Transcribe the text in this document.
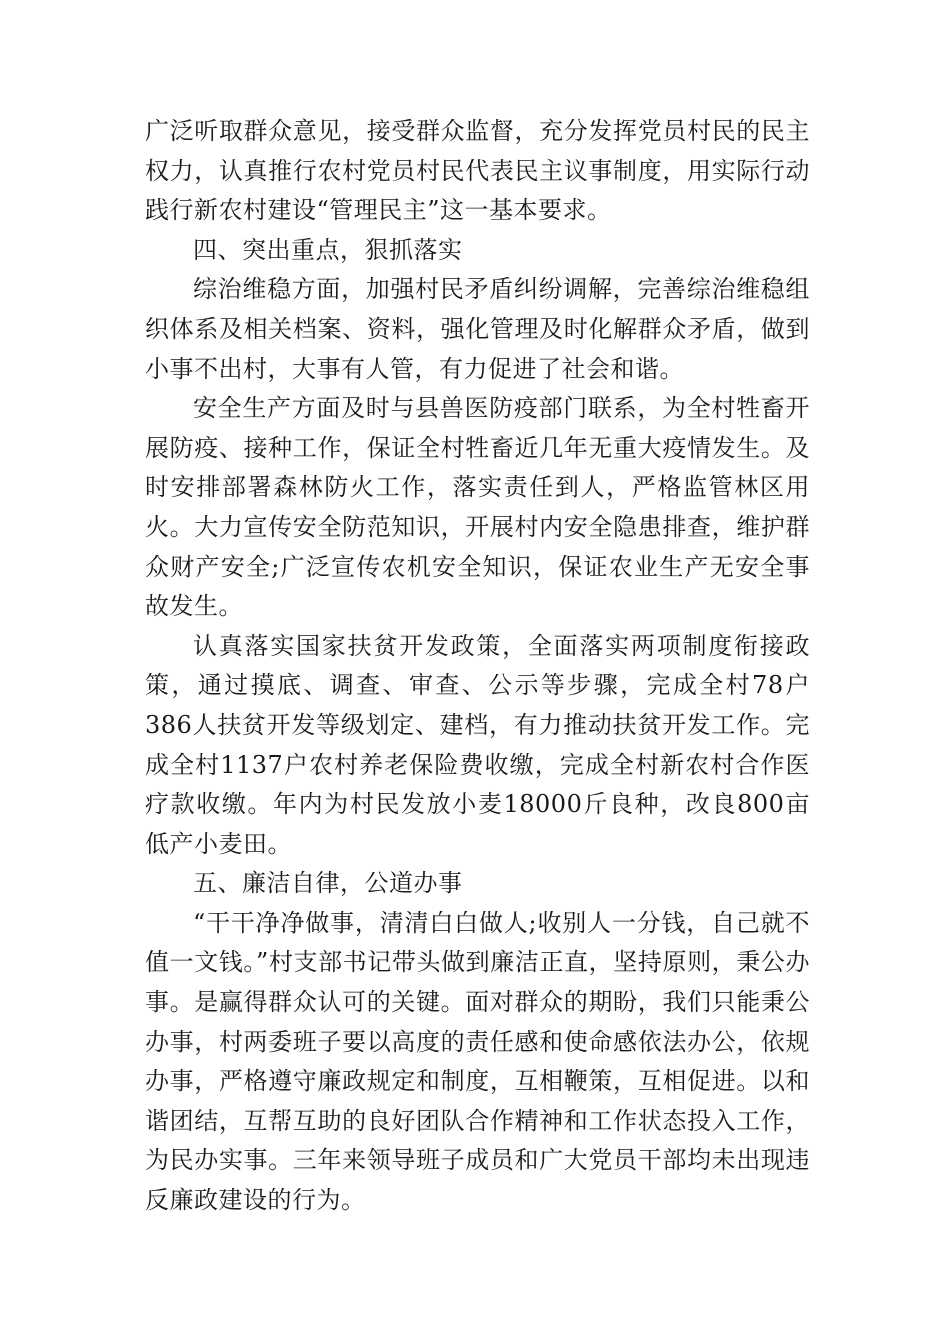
广泛听取群众意见，接受群众监督，充分发挥党员村民的民主权力，认真推行农村党员村民代表民主议事制度，用实际行动践行新农村建设“管理民主”这一基本要求。

四、突出重点，狠抓落实

综治维稳方面，加强村民矛盾纠纷调解，完善综治维稳组织体系及相关档案、资料，强化管理及时化解群众矛盾，做到小事不出村，大事有人管，有力促进了社会和谐。

安全生产方面及时与县兽医防疫部门联系，为全村牲畜开展防疫、接种工作，保证全村牲畜近几年无重大疫情发生。及时安排部署森林防火工作，落实责任到人，严格监管林区用火。大力宣传安全防范知识，开展村内安全隐患排查，维护群众财产安全;广泛宣传农机安全知识，保证农业生产无安全事故发生。

认真落实国家扶贫开发政策，全面落实两项制度衔接政策，通过摸底、调查、审查、公示等步骤，完成全村78户386人扶贫开发等级划定、建档，有力推动扶贫开发工作。完成全村1137户农村养老保险费收缴，完成全村新农村合作医疗款收缴。年内为村民发放小麦18000斤良种，改良800亩低产小麦田。

五、廉洁自律，公道办事

“干干净净做事，清清白白做人;收别人一分钱，自己就不值一文钱。”村支部书记带头做到廉洁正直，坚持原则，秉公办事。是赢得群众认可的关键。面对群众的期盼，我们只能秉公办事，村两委班子要以高度的责任感和使命感依法办公，依规办事，严格遵守廉政规定和制度，互相鞭策，互相促进。以和谐团结，互帮互助的良好团队合作精神和工作状态投入工作，为民办实事。三年来领导班子成员和广大党员干部均未出现违反廉政建设的行为。
